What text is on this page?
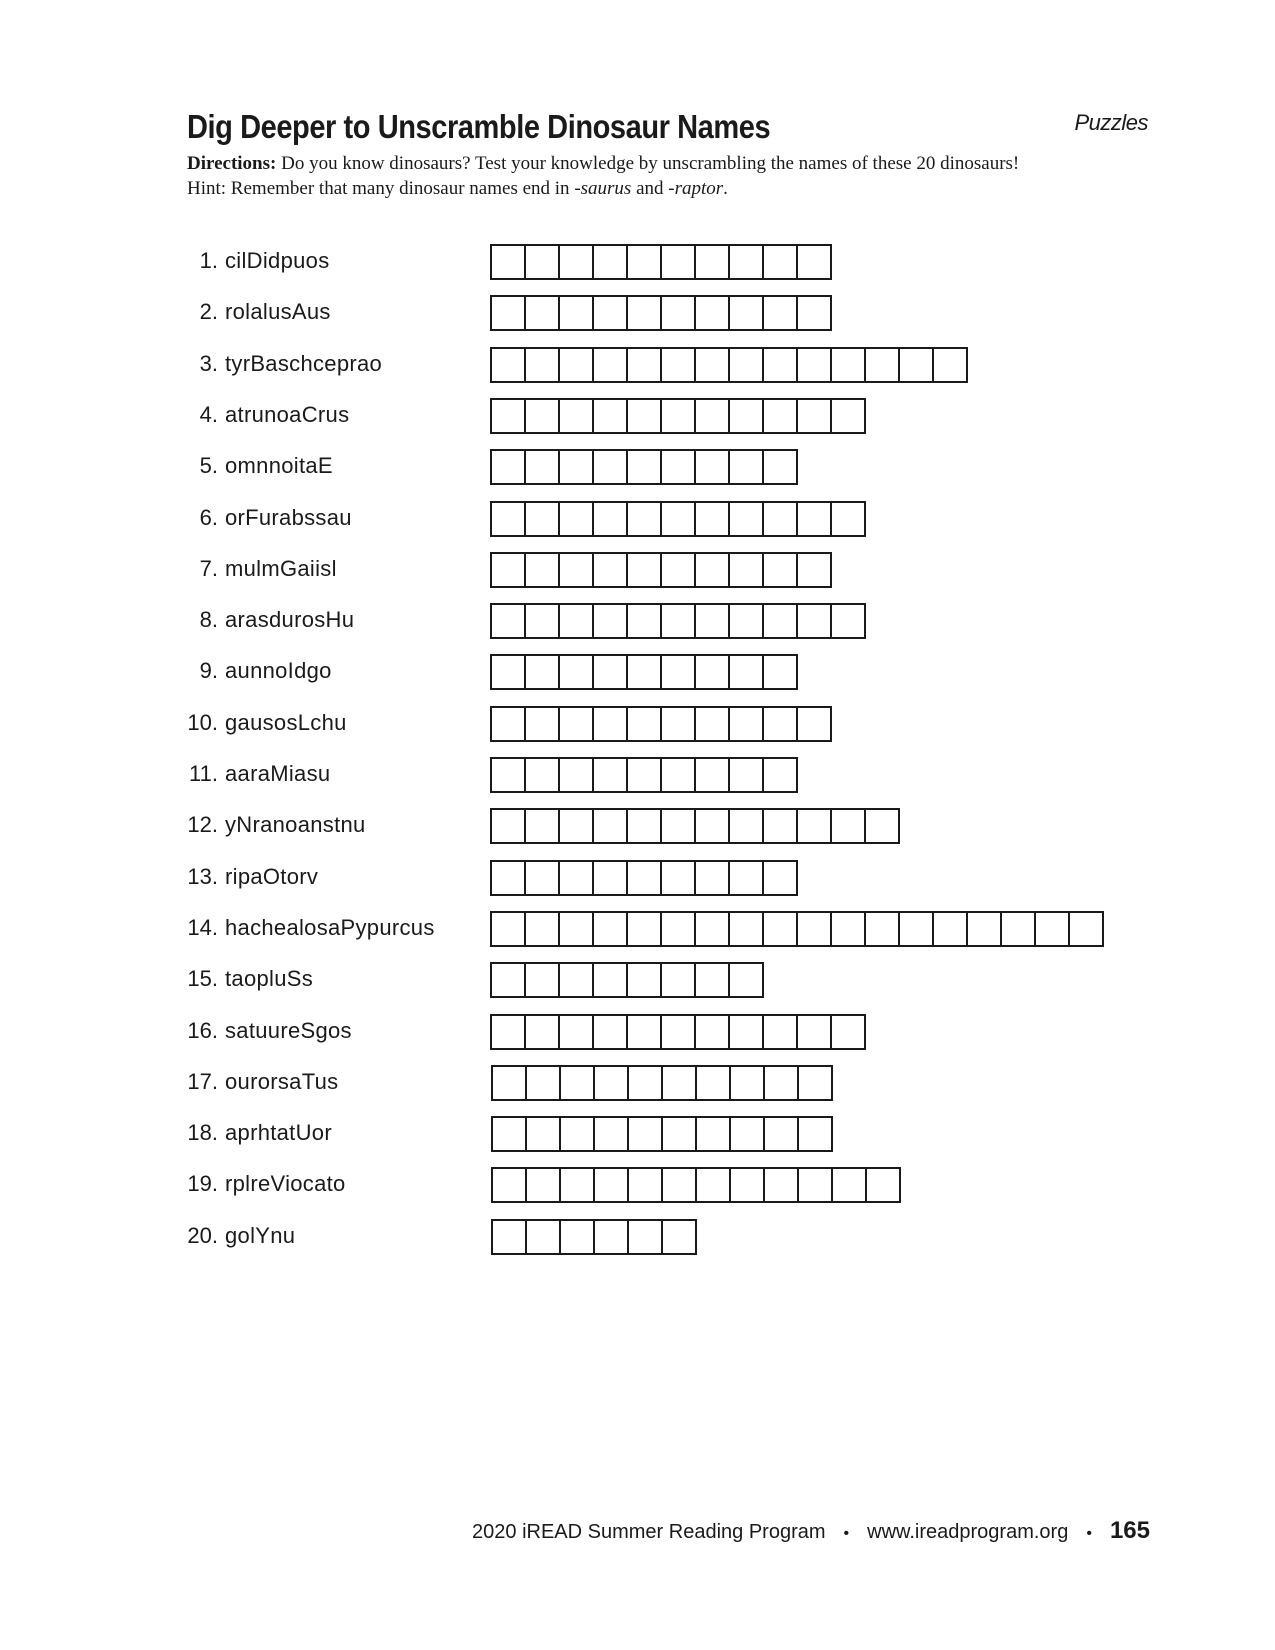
Dig Deeper to Unscramble Dinosaur Names	Puzzles
Directions: Do you know dinosaurs? Test your knowledge by unscrambling the names of these 20 dinosaurs!
Hint: Remember that many dinosaur names end in -saurus and -raptor.
1. cilDidpuos
2. rolalusAus
3. tyrBaschceprao
4. atrunoaCrus
5. omnnoitaE
6. orFurabssau
7. mulmGaiisl
8. arasdurosHu
9. aunnoIdgo
10. gausosLchu
11. aaraMiasu
12. yNranoanstnu
13. ripaOtorv
14. hachealosaPypurcus
15. taopluSs
16. satuureSgos
17. ourorsaTus
18. aprhtatUor
19. rplreViocato
20. golYnu
2020 iREAD Summer Reading Program • www.ireadprogram.org • 165
